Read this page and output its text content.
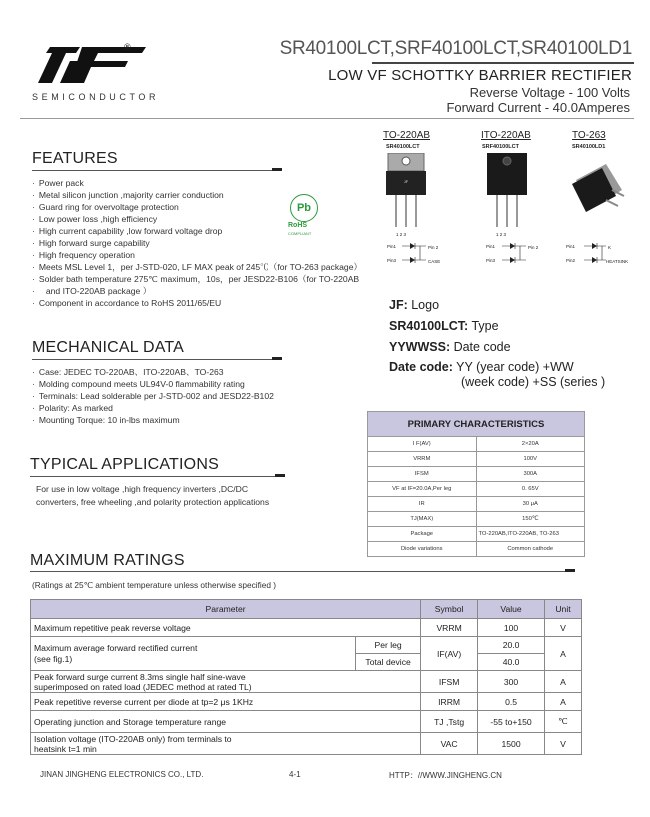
®
SEMICONDUCTOR
SR40100LCT,SRF40100LCT,SR40100LD1
LOW VF SCHOTTKY BARRIER RECTIFIER
Reverse Voltage - 100 Volts
Forward Current - 40.0Amperes
FEATURES
· Power pack
· Metal silicon junction ,majority carrier conduction
· Guard ring for overvoltage protection
· Low power loss ,high efficiency
· High current capability ,low forward voltage drop
· High forward surge capability
· High frequency operation
· Meets MSL Level 1，per J-STD-020, LF MAX peak of 245℃（for TO-263 package）
· Solder bath temperature 275℃ maximum，10s，per JESD22-B106（for TO-220AB
· and ITO-220AB package ）
· Component in accordance to RoHS 2011/65/EU
Pb
RoHS
COMPLIANT
TO-220AB
SR40100LCT
JF
1 2 3
ITO-220AB
SRF40100LCT
1 2 3
TO-263
SR40100LD1
Pin1
Pin3
Pin 2
CASE
Pin1
Pin3
Pin 2	Pin1
Pin2
K
HEATSINK
JF: Logo
SR40100LCT: Type
YYWWSS: Date code
Date code: YY (year code) +WW
(week code) +SS (series )
MECHANICAL DATA
· Case: JEDEC TO-220AB、ITO-220AB、TO-263
· Molding compound meets UL94V-0 flammability rating
· Terminals: Lead solderable per J-STD-002 and JESD22-B102
· Polarity: As marked
· Mounting Torque: 10 in-lbs maximum
TYPICAL APPLICATIONS
For use in low voltage ,high frequency inverters ,DC/DC
converters, free wheeling ,and polarity protection applications
PRIMARY CHARACTERISTICS	
I F(AV)	2×20A
VRRM	100V
IFSM	300A
VF at IF=20.0A,Per leg	0. 65V
IR	30 μA
TJ(MAX)	150℃
Package	TO-220AB,ITO-220AB, TO-263
Diode variations	Common cathode
MAXIMUM RATINGS
(Ratings at 25℃ ambient temperature unless otherwise specified )
Parameter		Symbol	Value	Unit
Maximum repetitive peak reverse voltage		VRRM	100	V

Maximum average forward rectified current
(see fig.1)	Per leg	IF(AV)	20.0	A
	Total device		40.0	

Peak forward surge current 8.3ms single half sine-wave
superimposed on rated load (JEDEC method at rated TL)		IFSM	300	A
Peak repetitive reverse current per diode at tp=2 μs 1KHz		IRRM	0.5	A
Operating junction and Storage temperature range		TJ ,Tstg	-55 to+150	℃

Isolation voltage (ITO-220AB only) from terminals to
heatsink t=1 min		VAC	1500	V
JINAN JINGHENG ELECTRONICS CO., LTD.	4-1	HTTP：//WWW.JINGHENG.CN
